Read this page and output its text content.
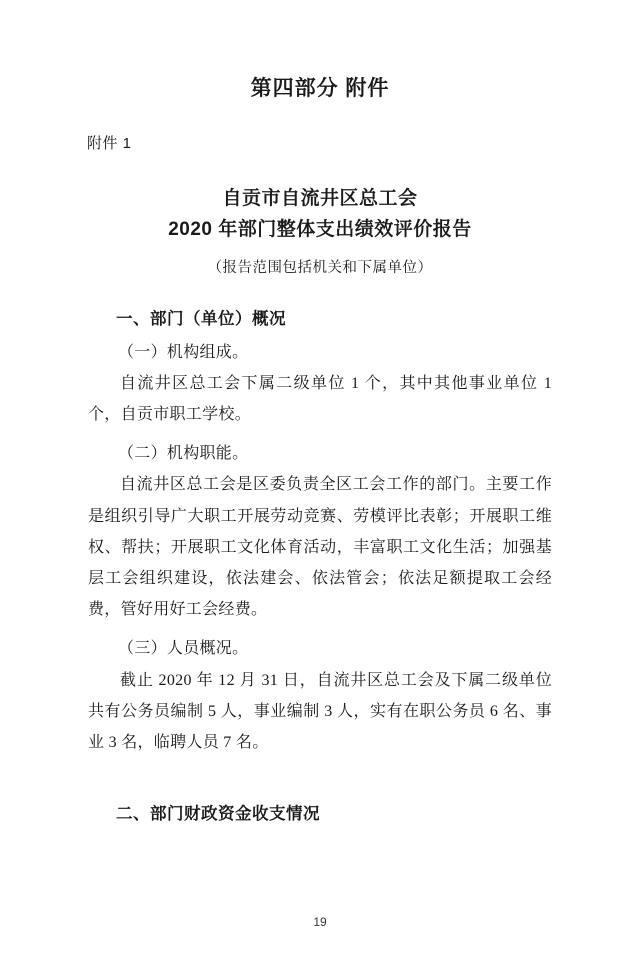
第四部分 附件
附件 1
自贡市自流井区总工会
2020 年部门整体支出绩效评价报告
（报告范围包括机关和下属单位）
一、部门（单位）概况
（一）机构组成。

自流井区总工会下属二级单位 1 个，其中其他事业单位 1 个，自贡市职工学校。

（二）机构职能。

自流井区总工会是区委负责全区工会工作的部门。主要工作是组织引导广大职工开展劳动竞赛、劳模评比表彰；开展职工维权、帮扶；开展职工文化体育活动，丰富职工文化生活；加强基层工会组织建设，依法建会、依法管会；依法足额提取工会经费，管好用好工会经费。

（三）人员概况。

截止 2020 年 12 月 31 日，自流井区总工会及下属二级单位共有公务员编制 5 人，事业编制 3 人，实有在职公务员 6 名、事业 3 名，临聘人员 7 名。

二、部门财政资金收支情况
19
